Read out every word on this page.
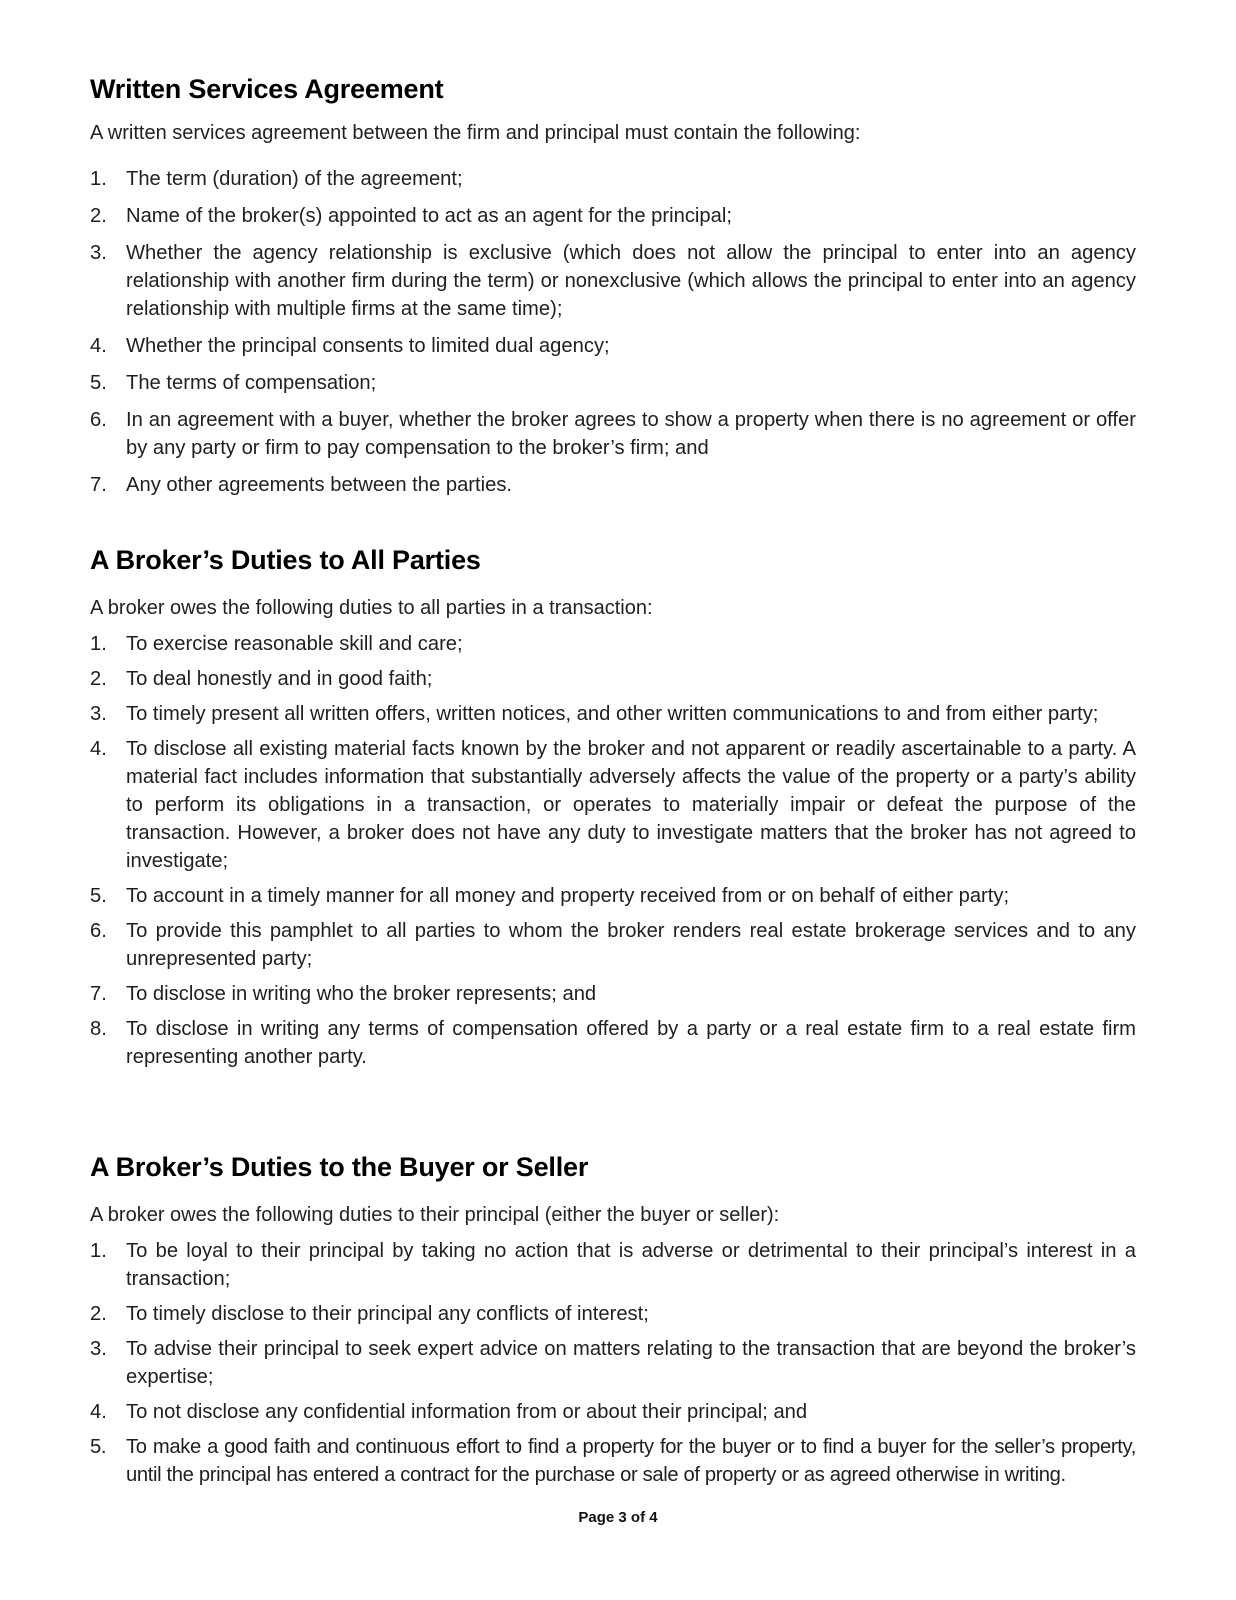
Written Services Agreement

A written services agreement between the firm and principal must contain the following:

1. The term (duration) of the agreement;
2. Name of the broker(s) appointed to act as an agent for the principal;
3. Whether the agency relationship is exclusive (which does not allow the principal to enter into an agency relationship with another firm during the term) or nonexclusive (which allows the principal to enter into an agency relationship with multiple firms at the same time);
4. Whether the principal consents to limited dual agency;
5. The terms of compensation;
6. In an agreement with a buyer, whether the broker agrees to show a property when there is no agreement or offer by any party or firm to pay compensation to the broker’s firm; and
7. Any other agreements between the parties.
A Broker’s Duties to All Parties

A broker owes the following duties to all parties in a transaction:

1. To exercise reasonable skill and care;
2. To deal honestly and in good faith;
3. To timely present all written offers, written notices, and other written communications to and from either party;
4. To disclose all existing material facts known by the broker and not apparent or readily ascertainable to a party. A material fact includes information that substantially adversely affects the value of the property or a party’s ability to perform its obligations in a transaction, or operates to materially impair or defeat the purpose of the transaction. However, a broker does not have any duty to investigate matters that the broker has not agreed to investigate;
5. To account in a timely manner for all money and property received from or on behalf of either party;
6. To provide this pamphlet to all parties to whom the broker renders real estate brokerage services and to any unrepresented party;
7. To disclose in writing who the broker represents; and
8. To disclose in writing any terms of compensation offered by a party or a real estate firm to a real estate firm representing another party.
A Broker’s Duties to the Buyer or Seller

A broker owes the following duties to their principal (either the buyer or seller):

1. To be loyal to their principal by taking no action that is adverse or detrimental to their principal’s interest in a transaction;
2. To timely disclose to their principal any conflicts of interest;
3. To advise their principal to seek expert advice on matters relating to the transaction that are beyond the broker’s expertise;
4. To not disclose any confidential information from or about their principal; and
5. To make a good faith and continuous effort to find a property for the buyer or to find a buyer for the seller’s property, until the principal has entered a contract for the purchase or sale of property or as agreed otherwise in writing.
Page 3 of 4
